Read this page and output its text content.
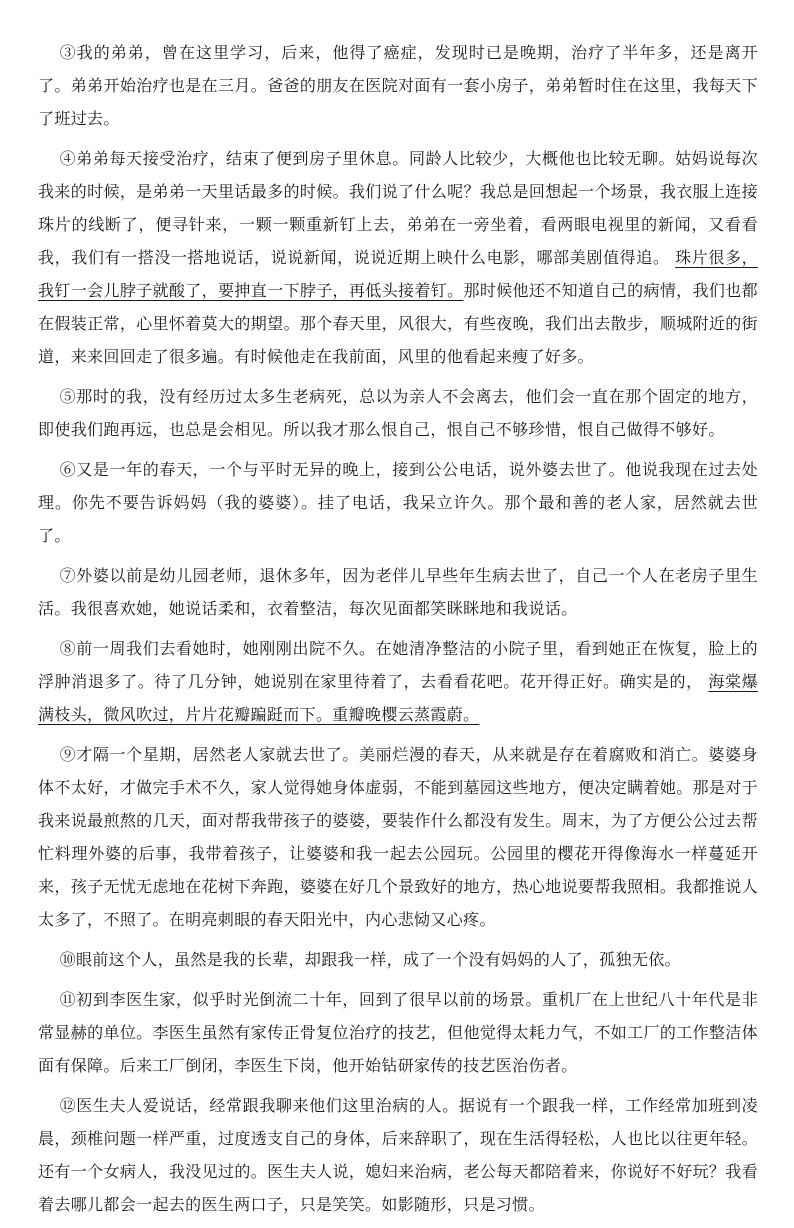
③我的弟弟，曾在这里学习，后来，他得了癌症，发现时已是晚期，治疗了半年多，还是离开了。弟弟开始治疗也是在三月。爸爸的朋友在医院对面有一套小房子，弟弟暂时住在这里，我每天下了班过去。

④弟弟每天接受治疗，结束了便到房子里休息。同龄人比较少，大概他也比较无聊。姑妈说每次我来的时候，是弟弟一天里话最多的时候。我们说了什么呢？我总是回想起一个场景，我衣服上连接珠片的线断了，便寻针来，一颗一颗重新钉上去，弟弟在一旁坐着，看两眼电视里的新闻，又看看我，我们有一搭没一搭地说话，说说新闻，说说近期上映什么电影，哪部美剧值得追。 珠片很多，我钉一会儿脖子就酸了，要抻直一下脖子，再低头接着钉。那时候他还不知道自己的病情，我们也都在假装正常，心里怀着莫大的期望。那个春天里，风很大，有些夜晚，我们出去散步，顺城附近的街道，来来回回走了很多遍。有时候他走在我前面，风里的他看起来瘦了好多。

⑤那时的我，没有经历过太多生老病死，总以为亲人不会离去，他们会一直在那个固定的地方，即使我们跑再远，也总是会相见。所以我才那么恨自己，恨自己不够珍惜，恨自己做得不够好。

⑥又是一年的春天，一个与平时无异的晚上，接到公公电话，说外婆去世了。他说我现在过去处理。你先不要告诉妈妈（我的婆婆）。挂了电话，我呆立许久。那个最和善的老人家，居然就去世了。

⑦外婆以前是幼儿园老师，退休多年，因为老伴儿早些年生病去世了，自己一个人在老房子里生活。我很喜欢她，她说话柔和，衣着整洁，每次见面都笑眯眯地和我说话。

⑧前一周我们去看她时，她刚刚出院不久。在她清净整洁的小院子里，看到她正在恢复，脸上的浮肿消退多了。待了几分钟，她说别在家里待着了，去看看花吧。花开得正好。确实是的， 海棠爆满枝头，微风吹过，片片花瓣蹁跹而下。重瓣晚樱云蒸霞蔚。

⑨才隔一个星期，居然老人家就去世了。美丽烂漫的春天，从来就是存在着腐败和消亡。婆婆身体不太好，才做完手术不久，家人觉得她身体虚弱，不能到墓园这些地方，便决定瞒着她。那是对于我来说最煎熬的几天，面对帮我带孩子的婆婆，要装作什么都没有发生。周末，为了方便公公过去帮忙料理外婆的后事，我带着孩子，让婆婆和我一起去公园玩。公园里的樱花开得像海水一样蔓延开来，孩子无忧无虑地在花树下奔跑，婆婆在好几个景致好的地方，热心地说要帮我照相。我都推说人太多了，不照了。在明亮刺眼的春天阳光中，内心悲恸又心疼。

⑩眼前这个人，虽然是我的长辈，却跟我一样，成了一个没有妈妈的人了，孤独无依。

⑪初到李医生家，似乎时光倒流二十年，回到了很早以前的场景。重机厂在上世纪八十年代是非常显赫的单位。李医生虽然有家传正骨复位治疗的技艺，但他觉得太耗力气，不如工厂的工作整洁体面有保障。后来工厂倒闭，李医生下岗，他开始钻研家传的技艺医治伤者。

⑫医生夫人爱说话，经常跟我聊来他们这里治病的人。据说有一个跟我一样，工作经常加班到凌晨，颈椎问题一样严重，过度透支自己的身体，后来辞职了，现在生活得轻松，人也比以往更年轻。还有一个女病人，我没见过的。医生夫人说，媳妇来治病，老公每天都陪着来，你说好不好玩？我看着去哪儿都会一起去的医生两口子，只是笑笑。如影随形，只是习惯。
